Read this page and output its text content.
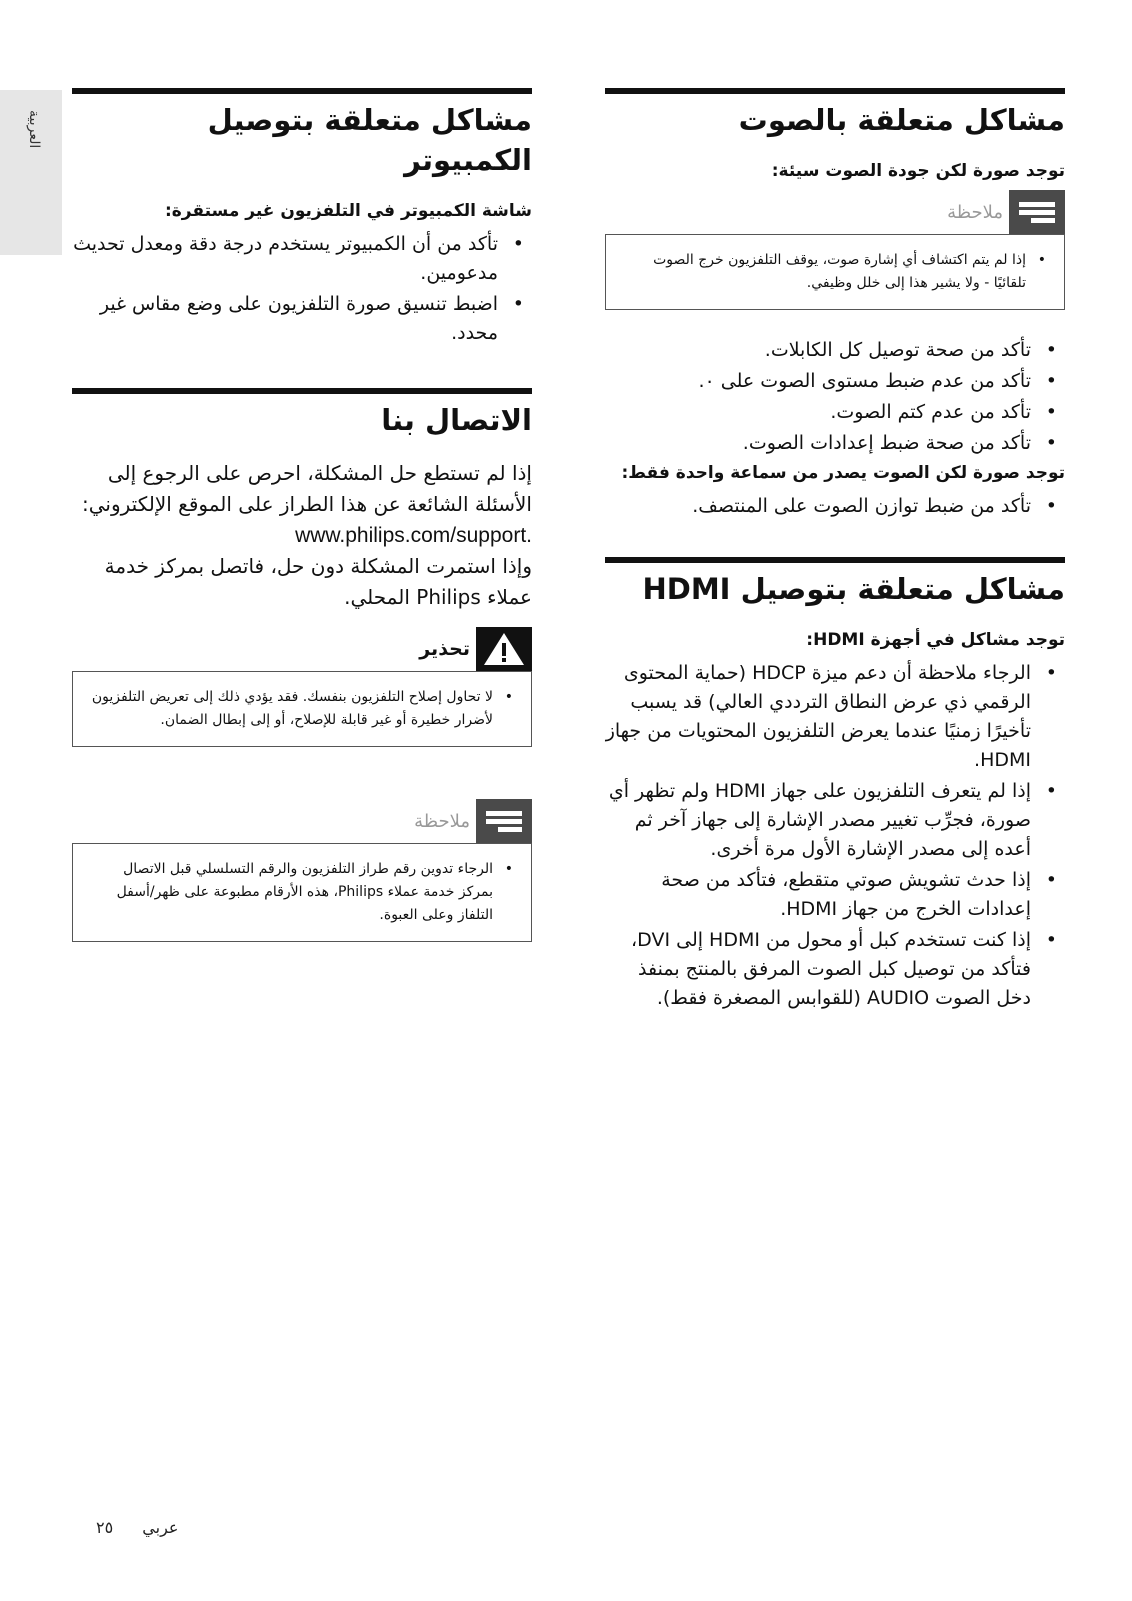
العربية	مشاكل متعلقة بالصوت
توجد صورة لكن جودة الصوت سيئة:
ملاحظة
• إذا لم يتم اكتشاف أي إشارة صوت، يوقف التلفزيون خرج الصوت تلقائيًا - ولا يشير هذا إلى خلل وظيفي.
• تأكد من صحة توصيل كل الكابلات.
• تأكد من عدم ضبط مستوى الصوت على ٠.
• تأكد من عدم كتم الصوت.
• تأكد من صحة ضبط إعدادات الصوت.
توجد صورة لكن الصوت يصدر من سماعة واحدة فقط:
• تأكد من ضبط توازن الصوت على المنتصف.
مشاكل متعلقة بتوصيل HDMI
توجد مشاكل في أجهزة HDMI:
• الرجاء ملاحظة أن دعم ميزة HDCP (حماية المحتوى الرقمي ذي عرض النطاق الترددي العالي) قد يسبب تأخيرًا زمنيًا عندما يعرض التلفزيون المحتويات من جهاز HDMI.
• إذا لم يتعرف التلفزيون على جهاز HDMI ولم تظهر أي صورة، فجرِّب تغيير مصدر الإشارة إلى جهاز آخر ثم أعده إلى مصدر الإشارة الأول مرة أخرى.
• إذا حدث تشويش صوتي متقطع، فتأكد من صحة إعدادات الخرج من جهاز HDMI.
• إذا كنت تستخدم كبل أو محول من HDMI إلى DVI، فتأكد من توصيل كبل الصوت المرفق بالمنتج بمنفذ دخل الصوت AUDIO (للقوابس المصغرة فقط).
مشاكل متعلقة بتوصيل الكمبيوتر
شاشة الكمبيوتر في التلفزيون غير مستقرة:
• تأكد من أن الكمبيوتر يستخدم درجة دقة ومعدل تحديث مدعومين.
• اضبط تنسيق صورة التلفزيون على وضع مقاس غير محدد.
الاتصال بنا

إذا لم تستطع حل المشكلة، احرص على الرجوع إلى الأسئلة الشائعة عن هذا الطراز على الموقع الإلكتروني:

www.philips.com/support.

وإذا استمرت المشكلة دون حل، فاتصل بمركز خدمة عملاء Philips المحلي.

تحذير
• لا تحاول إصلاح التلفزيون بنفسك. فقد يؤدي ذلك إلى تعريض التلفزيون لأضرار خطيرة أو غير قابلة للإصلاح، أو إلى إبطال الضمان.
ملاحظة
• الرجاء تدوين رقم طراز التلفزيون والرقم التسلسلي قبل الاتصال بمركز خدمة عملاء Philips، هذه الأرقام مطبوعة على ظهر/أسفل التلفاز وعلى العبوة.
عربي ٢٥
